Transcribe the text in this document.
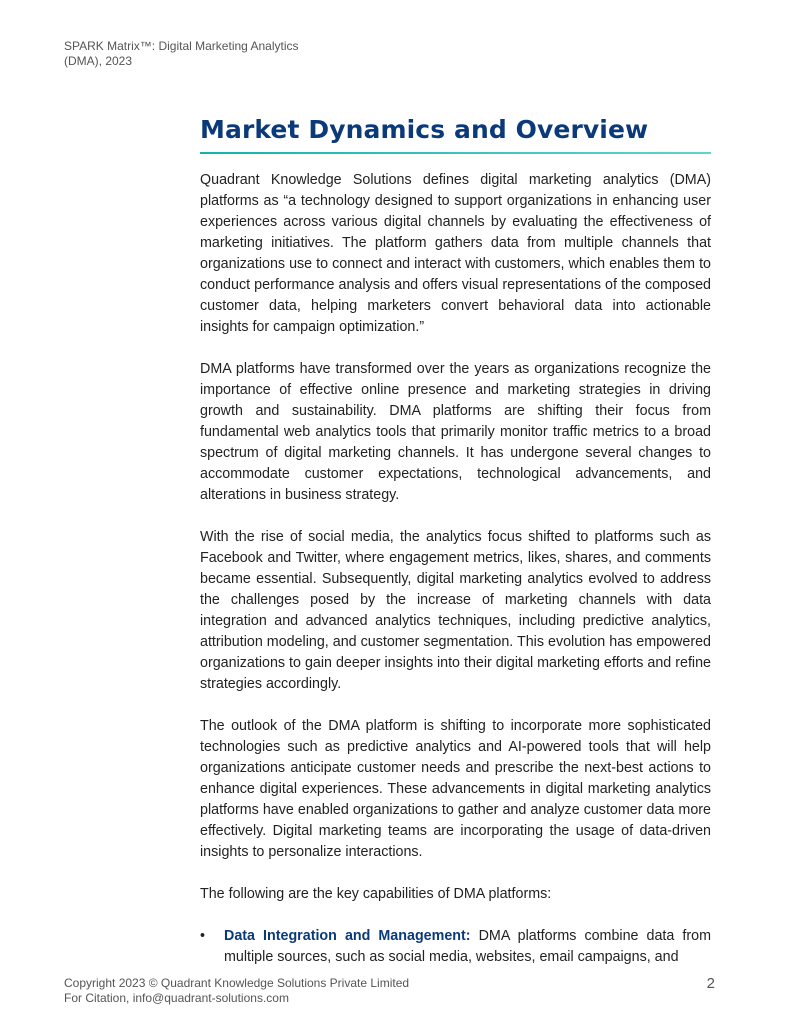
SPARK Matrix™: Digital Marketing Analytics (DMA), 2023
Market Dynamics and Overview

Quadrant Knowledge Solutions defines digital marketing analytics (DMA) platforms as “a technology designed to support organizations in enhancing user experiences across various digital channels by evaluating the effectiveness of marketing initiatives. The platform gathers data from multiple channels that organizations use to connect and interact with customers, which enables them to conduct performance analysis and offers visual representations of the composed customer data, helping marketers convert behavioral data into actionable insights for campaign optimization.”

DMA platforms have transformed over the years as organizations recognize the importance of effective online presence and marketing strategies in driving growth and sustainability. DMA platforms are shifting their focus from fundamental web analytics tools that primarily monitor traffic metrics to a broad spectrum of digital marketing channels. It has undergone several changes to accommodate customer expectations, technological advancements, and alterations in business strategy.

With the rise of social media, the analytics focus shifted to platforms such as Facebook and Twitter, where engagement metrics, likes, shares, and comments became essential. Subsequently, digital marketing analytics evolved to address the challenges posed by the increase of marketing channels with data integration and advanced analytics techniques, including predictive analytics, attribution modeling, and customer segmentation. This evolution has empowered organizations to gain deeper insights into their digital marketing efforts and refine strategies accordingly.

The outlook of the DMA platform is shifting to incorporate more sophisticated technologies such as predictive analytics and AI-powered tools that will help organizations anticipate customer needs and prescribe the next-best actions to enhance digital experiences. These advancements in digital marketing analytics platforms have enabled organizations to gather and analyze customer data more effectively. Digital marketing teams are incorporating the usage of data-driven insights to personalize interactions.

The following are the key capabilities of DMA platforms:

• Data Integration and Management: DMA platforms combine data from multiple sources, such as social media, websites, email campaigns, and
Copyright 2023 © Quadrant Knowledge Solutions Private Limited
For Citation, info@quadrant-solutions.com
2
